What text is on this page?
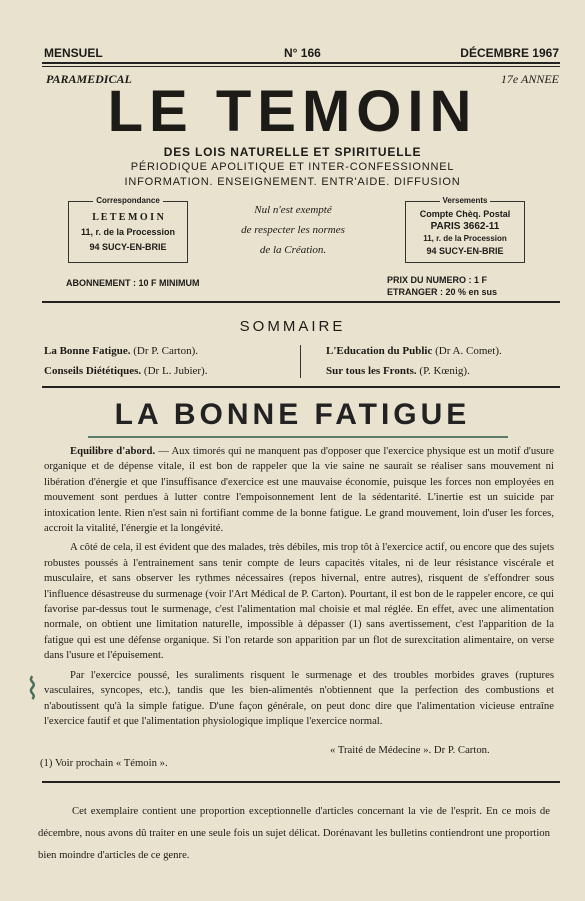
MENSUEL	N° 166	DÉCEMBRE 1967
PARAMEDICAL	17e ANNEE
LE TEMOIN
DES LOIS NATURELLE ET SPIRITUELLE
PÉRIODIQUE APOLITIQUE ET INTER-CONFESSIONNEL
INFORMATION. ENSEIGNEMENT. ENTR'AIDE. DIFFUSION
Correspondance
L E T E M O I N
11, r. de la Procession
94 SUCY-EN-BRIE
Nul n'est exempté
de respecter les normes
de la Création.
Versements
Compte Chèq. Postal
PARIS 3662-11
11, r. de la Procession
94 SUCY-EN-BRIE
ABONNEMENT : 10 F MINIMUM	PRIX DU NUMERO : 1 F
ETRANGER : 20 % en sus
SOMMAIRE
La Bonne Fatigue. (Dr P. Carton).
Conseils Diététiques. (Dr L. Jubier).
L'Education du Public (Dr A. Comet).
Sur tous les Fronts. (P. Kœnig).
LA BONNE FATIGUE

Equilibre d'abord. — Aux timorés qui ne manquent pas d'opposer que l'exercice physique est un motif d'usure organique et de dépense vitale, il est bon de rappeler que la vie saine ne saurait se réaliser sans mouvement ni libération d'énergie et que l'insuffisance d'exercice est une mauvaise économie, puisque les forces non employées en mouvement sont perdues à lutter contre l'empoisonnement lent de la sédentarité. L'inertie est un suicide par intoxication lente. Rien n'est sain ni fortifiant comme de la bonne fatigue. Le grand mouvement, loin d'user les forces, accroit la vitalité, l'énergie et la longévité.

A côté de cela, il est évident que des malades, très débiles, mis trop tôt à l'exercice actif, ou encore que des sujets robustes poussés à l'entrainement sans tenir compte de leurs capacités vitales, ni de leur résistance viscérale et musculaire, et sans observer les rythmes nécessaires (repos hivernal, entre autres), risquent de s'effondrer sous l'influence désastreuse du surmenage (voir l'Art Médical de P. Carton). Pourtant, il est bon de le rappeler encore, ce qui favorise par-dessus tout le surmenage, c'est l'alimentation mal choisie et mal réglée. En effet, avec une alimentation normale, on obtient une limitation naturelle, impossible à dépasser (1) sans avertissement, c'est l'apparition de la fatigue qui est une défense organique. Si l'on retarde son apparition par un flot de surexcitation alimentaire, on verse dans l'usure et l'épuisement.

Par l'exercice poussé, les suraliments risquent le surmenage et des troubles morbides graves (ruptures vasculaires, syncopes, etc.), tandis que les bien-alimentés n'obtiennent que la perfection des combustions et n'aboutissent qu'à la simple fatigue. D'une façon générale, on peut donc dire que l'alimentation vicieuse entraîne l'exercice fautif et que l'alimentation physiologique implique l'exercice normal.

⌇
« Traité de Médecine ». Dr P. Carton.
(1) Voir prochain « Témoin ».

Cet exemplaire contient une proportion exceptionnelle d'articles concernant la vie de l'esprit. En ce mois de décembre, nous avons dû traiter en une seule fois un sujet délicat. Dorénavant les bulletins contiendront une proportion bien moindre d'articles de ce genre.
